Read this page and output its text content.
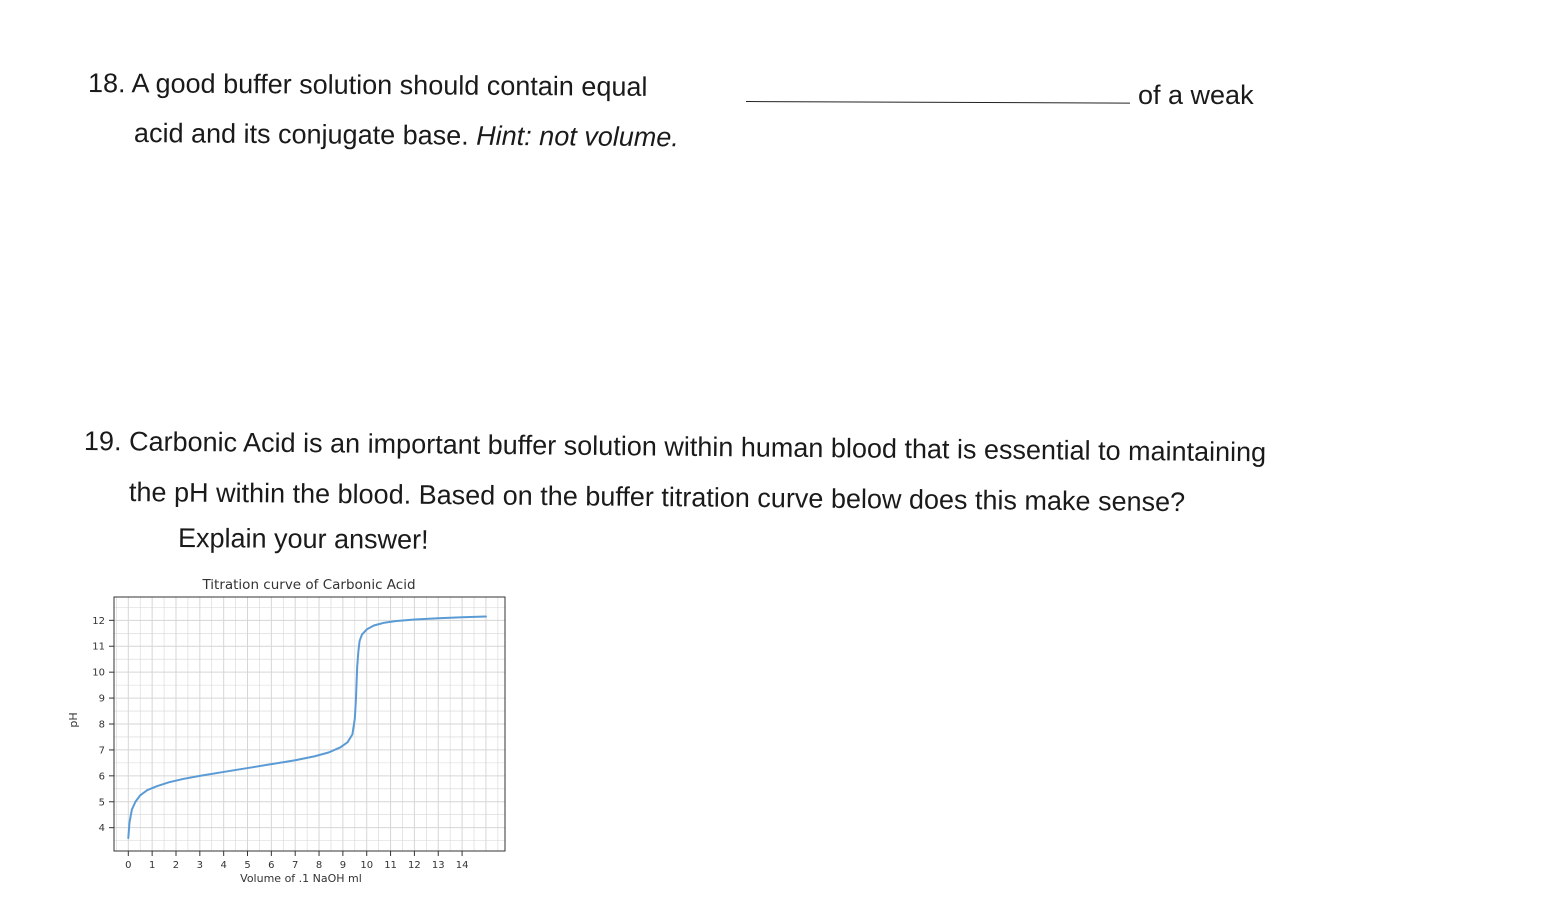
18. A good buffer solution should contain equal	of a weak
acid and its conjugate base. Hint: not volume.
19. Carbonic Acid is an important buffer solution within human blood that is essential to maintaining
the pH within the blood. Based on the buffer titration curve below does this make sense?
Explain your answer!
Titration curve of Carbonic Acid
pH
Volume of .1 NaOH ml
0 1 2 3 4 5 6 7 8 9 10 11 12 13 14
4
5
6
7
8
9
10
11
12
